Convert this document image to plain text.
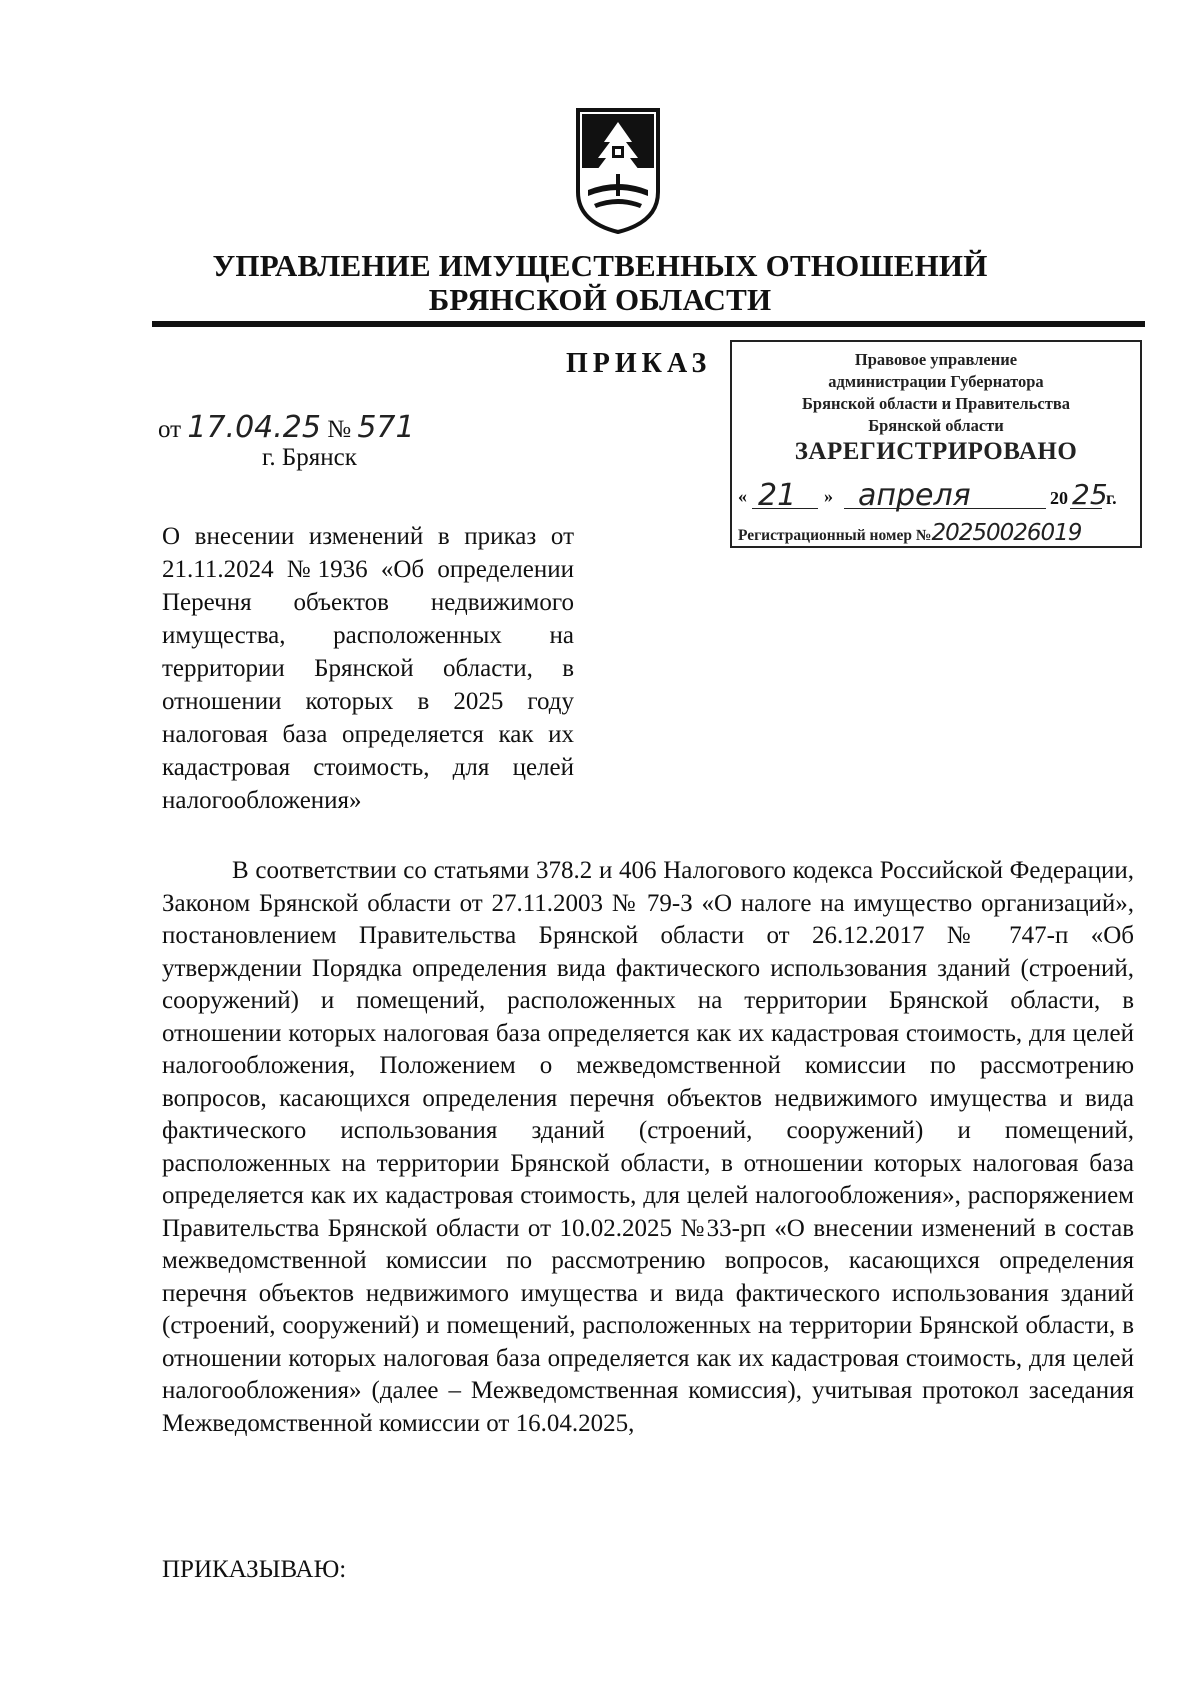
УПРАВЛЕНИЕ ИМУЩЕСТВЕННЫХ ОТНОШЕНИЙ
БРЯНСКОЙ ОБЛАСТИ
ПРИКАЗ	Правовое управление
администрации Губернатора
Брянской области и Правительства
Брянской области
ЗАРЕГИСТРИРОВАНО
« 21 » апреля	20 25
г.
Регистрационный номер №20250026019
от 17.04.25 № 571
г. Брянск
О внесении изменений в приказ от 21.11.2024 №1936 «Об определении Перечня объектов недвижимого имущества, расположенных на территории Брянской области, в отношении которых в 2025 году налоговая база определяется как их кадастровая стоимость, для целей налогообложения»
В соответствии со статьями 378.2 и 406 Налогового кодекса Российской Федерации, Законом Брянской области от 27.11.2003 № 79-З «О налоге на имущество организаций», постановлением Правительства Брянской области от 26.12.2017 № 747-п «Об утверждении Порядка определения вида фактического использования зданий (строений, сооружений) и помещений, расположенных на территории Брянской области, в отношении которых налоговая база определяется как их кадастровая стоимость, для целей налогообложения, Положением о межведомственной комиссии по рассмотрению вопросов, касающихся определения перечня объектов недвижимого имущества и вида фактического использования зданий (строений, сооружений) и помещений, расположенных на территории Брянской области, в отношении которых налоговая база определяется как их кадастровая стоимость, для целей налогообложения», распоряжением Правительства Брянской области от 10.02.2025 №33-рп «О внесении изменений в состав межведомственной комиссии по рассмотрению вопросов, касающихся определения перечня объектов недвижимого имущества и вида фактического использования зданий (строений, сооружений) и помещений, расположенных на территории Брянской области, в отношении которых налоговая база определяется как их кадастровая стоимость, для целей налогообложения» (далее – Межведомственная комиссия), учитывая протокол заседания Межведомственной комиссии от 16.04.2025,
ПРИКАЗЫВАЮ:
